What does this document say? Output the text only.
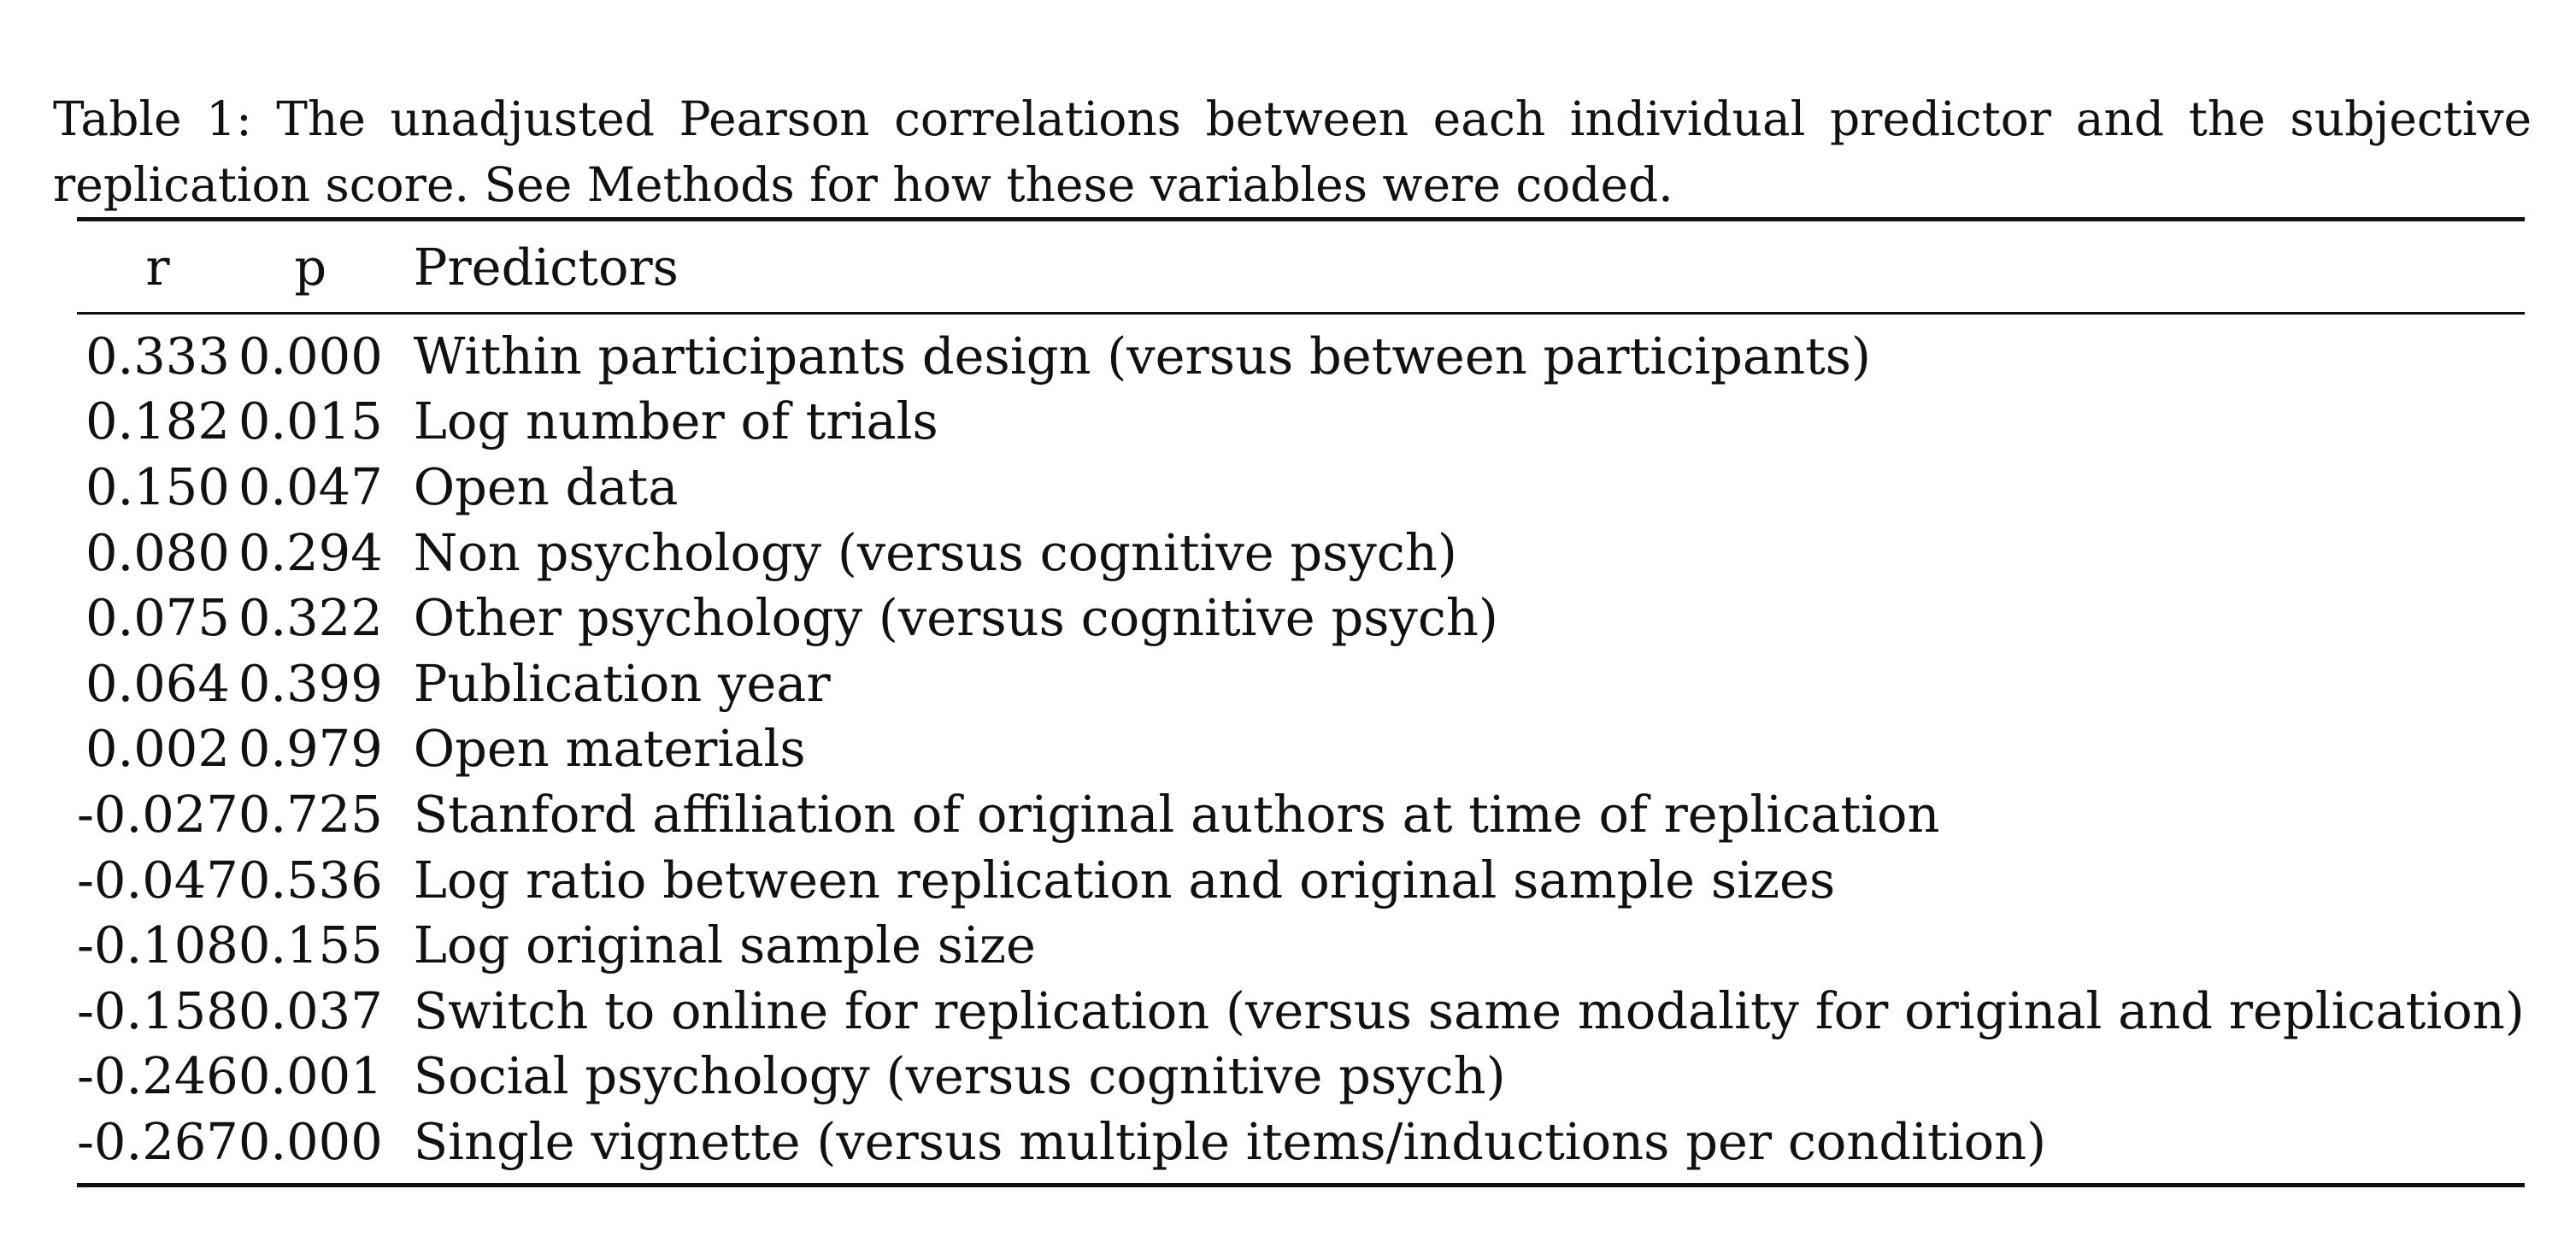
Table 1: The unadjusted Pearson correlations between each individual predictor and the subjective replication score. See Methods for how these variables were coded.

r	p	Predictors
0.333	0.000	Within participants design (versus between participants)
0.182	0.015	Log number of trials
0.150	0.047	Open data
0.080	0.294	Non psychology (versus cognitive psych)
0.075	0.322	Other psychology (versus cognitive psych)
0.064	0.399	Publication year
0.002	0.979	Open materials
-0.027	0.725	Stanford affiliation of original authors at time of replication
-0.047	0.536	Log ratio between replication and original sample sizes
-0.108	0.155	Log original sample size
-0.158	0.037	Switch to online for replication (versus same modality for original and replication)
-0.246	0.001	Social psychology (versus cognitive psych)
-0.267	0.000	Single vignette (versus multiple items/inductions per condition)
